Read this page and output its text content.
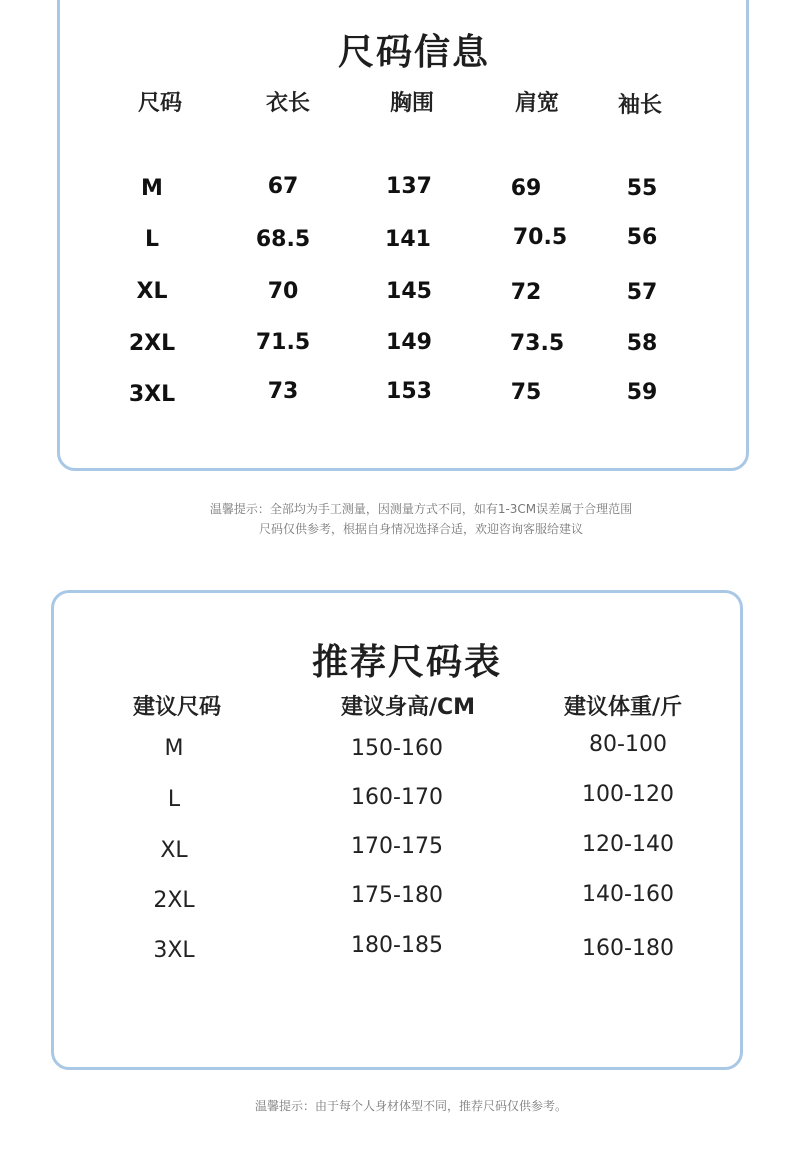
尺码信息
尺码	衣长	胸围	肩宽	袖长
M	67	137	69	55
L	68.5	141	70.5	56
XL	70	145	72	57
2XL	71.5	149	73.5	58
3XL	73	153	75	59
温馨提示：全部均为手工测量，因测量方式不同，如有1-3CM误差属于合理范围
尺码仅供参考，根据自身情况选择合适，欢迎咨询客服给建议
推荐尺码表
建议尺码	建议身高/CM	建议体重/斤
M	150-160	80-100
L	160-170	100-120
XL	170-175	120-140
2XL	175-180	140-160
3XL	180-185	160-180
温馨提示：由于每个人身材体型不同，推荐尺码仅供参考。
